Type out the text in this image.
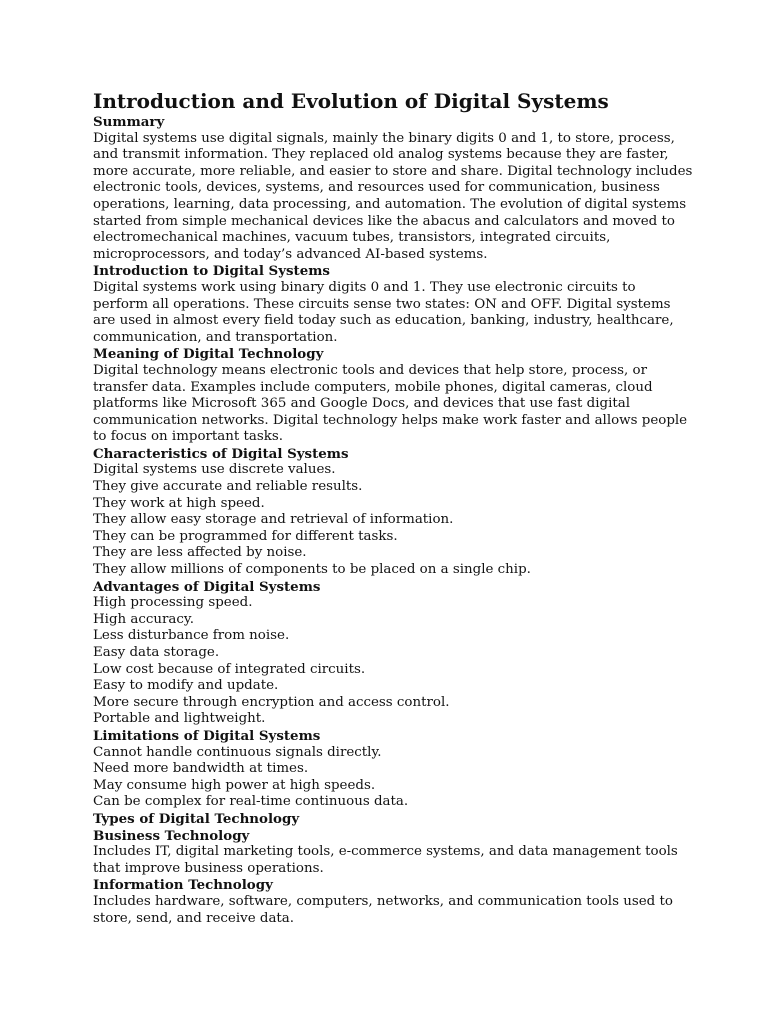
Introduction and Evolution of Digital Systems

Summary

Digital systems use digital signals, mainly the binary digits 0 and 1, to store, process, and transmit information. They replaced old analog systems because they are faster, more accurate, more reliable, and easier to store and share. Digital technology includes electronic tools, devices, systems, and resources used for communication, business operations, learning, data processing, and automation. The evolution of digital systems started from simple mechanical devices like the abacus and calculators and moved to electromechanical machines, vacuum tubes, transistors, integrated circuits, microprocessors, and today’s advanced AI-based systems.

Introduction to Digital Systems

Digital systems work using binary digits 0 and 1. They use electronic circuits to perform all operations. These circuits sense two states: ON and OFF. Digital systems are used in almost every field today such as education, banking, industry, healthcare, communication, and transportation.

Meaning of Digital Technology

Digital technology means electronic tools and devices that help store, process, or transfer data. Examples include computers, mobile phones, digital cameras, cloud platforms like Microsoft 365 and Google Docs, and devices that use fast digital communication networks. Digital technology helps make work faster and allows people to focus on important tasks.

Characteristics of Digital Systems

Digital systems use discrete values.
They give accurate and reliable results.
They work at high speed.
They allow easy storage and retrieval of information.
They can be programmed for different tasks.
They are less affected by noise.
They allow millions of components to be placed on a single chip.

Advantages of Digital Systems

High processing speed.
High accuracy.
Less disturbance from noise.
Easy data storage.
Low cost because of integrated circuits.
Easy to modify and update.
More secure through encryption and access control.
Portable and lightweight.

Limitations of Digital Systems

Cannot handle continuous signals directly.
Need more bandwidth at times.
May consume high power at high speeds.
Can be complex for real-time continuous data.

Types of Digital Technology

Business Technology

Includes IT, digital marketing tools, e-commerce systems, and data management tools that improve business operations.

Information Technology

Includes hardware, software, computers, networks, and communication tools used to store, send, and receive data.
